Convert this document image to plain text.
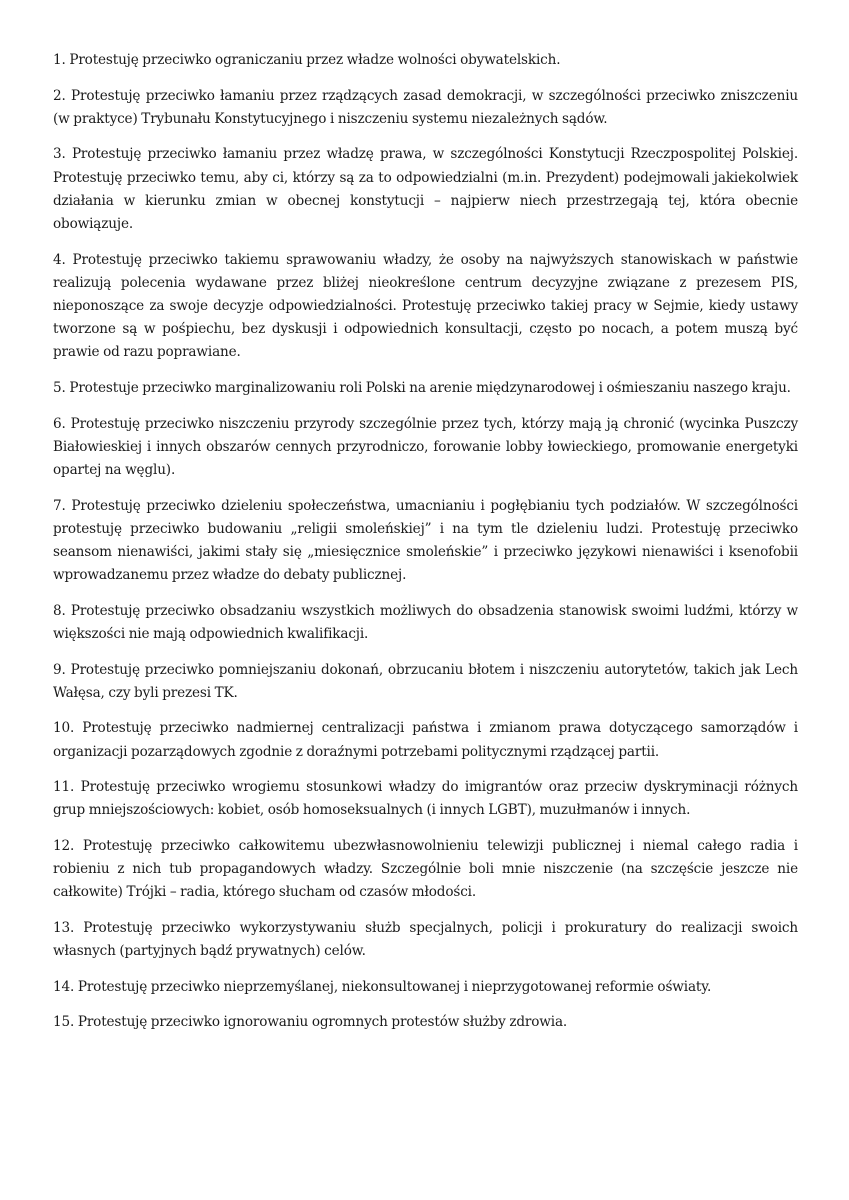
1. Protestuję przeciwko ograniczaniu przez władze wolności obywatelskich.

2. Protestuję przeciwko łamaniu przez rządzących zasad demokracji, w szczególności przeciwko zniszczeniu (w praktyce) Trybunału Konstytucyjnego i niszczeniu systemu niezależnych sądów.

3. Protestuję przeciwko łamaniu przez władzę prawa, w szczególności Konstytucji Rzeczpospolitej Polskiej. Protestuję przeciwko temu, aby ci, którzy są za to odpowiedzialni (m.in. Prezydent) podejmowali jakiekolwiek działania w kierunku zmian w obecnej konstytucji – najpierw niech przestrzegają tej, która obecnie obowiązuje.

4. Protestuję przeciwko takiemu sprawowaniu władzy, że osoby na najwyższych stanowiskach w państwie realizują polecenia wydawane przez bliżej nieokreślone centrum decyzyjne związane z prezesem PIS, nieponoszące za swoje decyzje odpowiedzialności. Protestuję przeciwko takiej pracy w Sejmie, kiedy ustawy tworzone są w pośpiechu, bez dyskusji i odpowiednich konsultacji, często po nocach, a potem muszą być prawie od razu poprawiane.

5. Protestuje przeciwko marginalizowaniu roli Polski na arenie międzynarodowej i ośmieszaniu naszego kraju.

6. Protestuję przeciwko niszczeniu przyrody szczególnie przez tych, którzy mają ją chronić (wycinka Puszczy Białowieskiej i innych obszarów cennych przyrodniczo, forowanie lobby łowieckiego, promowanie energetyki opartej na węglu).

7. Protestuję przeciwko dzieleniu społeczeństwa, umacnianiu i pogłębianiu tych podziałów. W szczególności protestuję przeciwko budowaniu „religii smoleńskiej” i na tym tle dzieleniu ludzi. Protestuję przeciwko seansom nienawiści, jakimi stały się „miesięcznice smoleńskie” i przeciwko językowi nienawiści i ksenofobii wprowadzanemu przez władze do debaty publicznej.

8. Protestuję przeciwko obsadzaniu wszystkich możliwych do obsadzenia stanowisk swoimi ludźmi, którzy w większości nie mają odpowiednich kwalifikacji.

9. Protestuję przeciwko pomniejszaniu dokonań, obrzucaniu błotem i niszczeniu autorytetów, takich jak Lech Wałęsa, czy byli prezesi TK.

10. Protestuję przeciwko nadmiernej centralizacji państwa i zmianom prawa dotyczącego samorządów i organizacji pozarządowych zgodnie z doraźnymi potrzebami politycznymi rządzącej partii.

11. Protestuję przeciwko wrogiemu stosunkowi władzy do imigrantów oraz przeciw dyskryminacji różnych grup mniejszościowych: kobiet, osób homoseksualnych (i innych LGBT), muzułmanów i innych.

12. Protestuję przeciwko całkowitemu ubezwłasnowolnieniu telewizji publicznej i niemal całego radia i robieniu z nich tub propagandowych władzy. Szczególnie boli mnie niszczenie (na szczęście jeszcze nie całkowite) Trójki – radia, którego słucham od czasów młodości.

13. Protestuję przeciwko wykorzystywaniu służb specjalnych, policji i prokuratury do realizacji swoich własnych (partyjnych bądź prywatnych) celów.

14. Protestuję przeciwko nieprzemyślanej, niekonsultowanej i nieprzygotowanej reformie oświaty.

15. Protestuję przeciwko ignorowaniu ogromnych protestów służby zdrowia.
